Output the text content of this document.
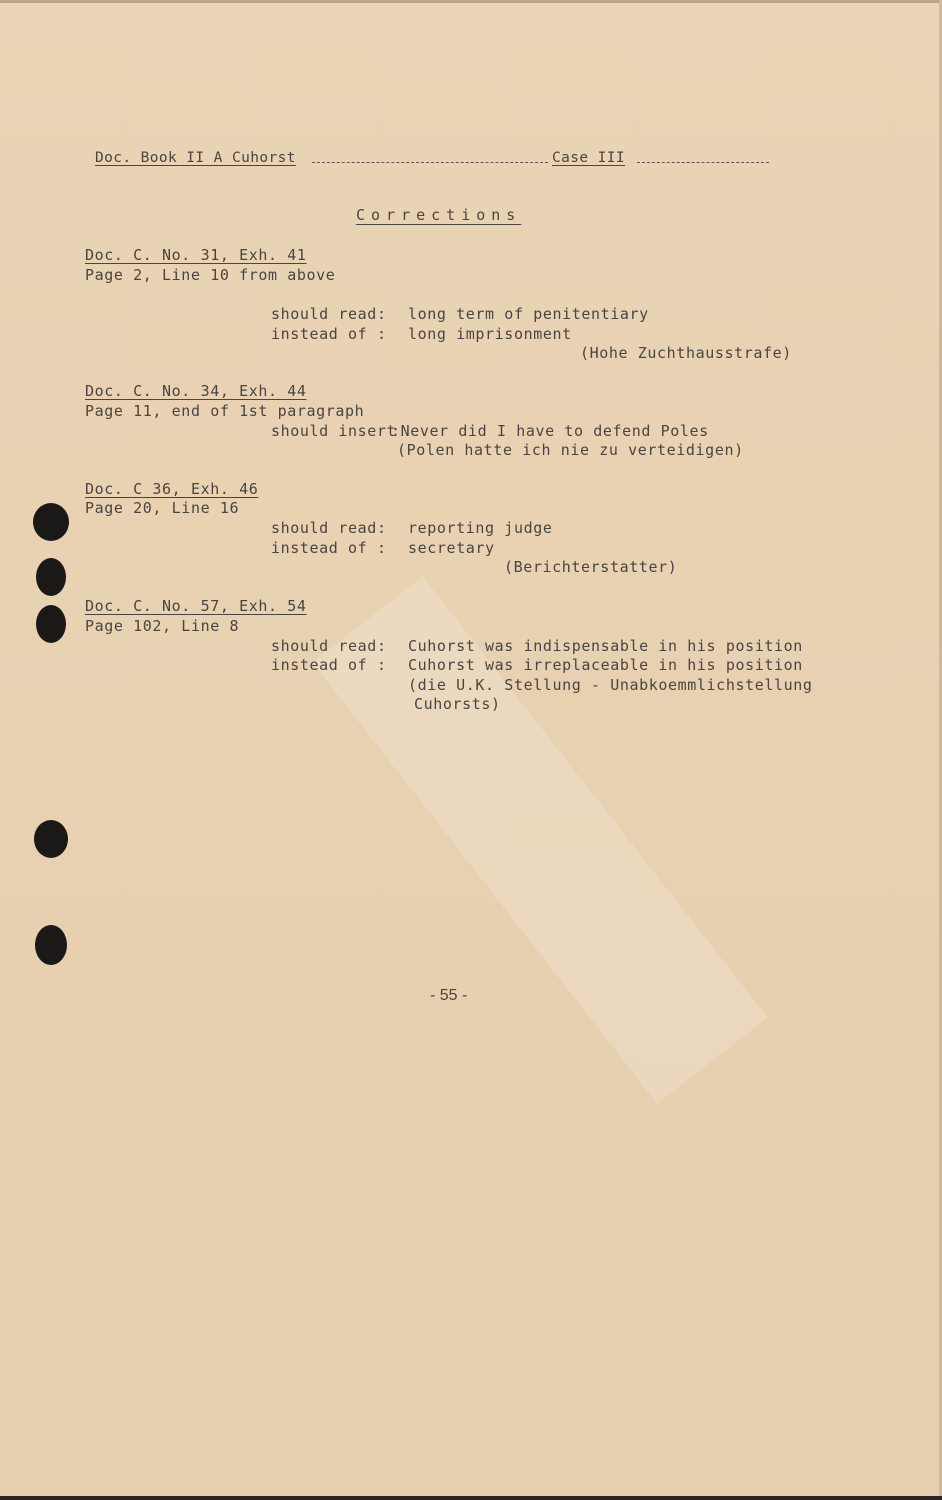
Doc. Book II A Cuhorst	Case III
Corrections
Doc. C. No. 31, Exh. 41
Page 2, Line 10 from above
should read: long term of penitentiary
instead of : long imprisonment
(Hohe Zuchthausstrafe)
Doc. C. No. 34, Exh. 44
Page 11, end of 1st paragraph
should insert
:Never did I have to defend Poles
(Polen hatte ich nie zu verteidigen)
Doc. C 36, Exh. 46
Page 20, Line 16
should read: reporting judge
instead of : secretary
(Berichterstatter)
Doc. C. No. 57, Exh. 54
Page 102, Line 8
should read: Cuhorst was indispensable in his position
instead of : Cuhorst was irreplaceable in his position
(die U.K. Stellung - Unabkoemmlichstellung
Cuhorsts)
- 55 -
